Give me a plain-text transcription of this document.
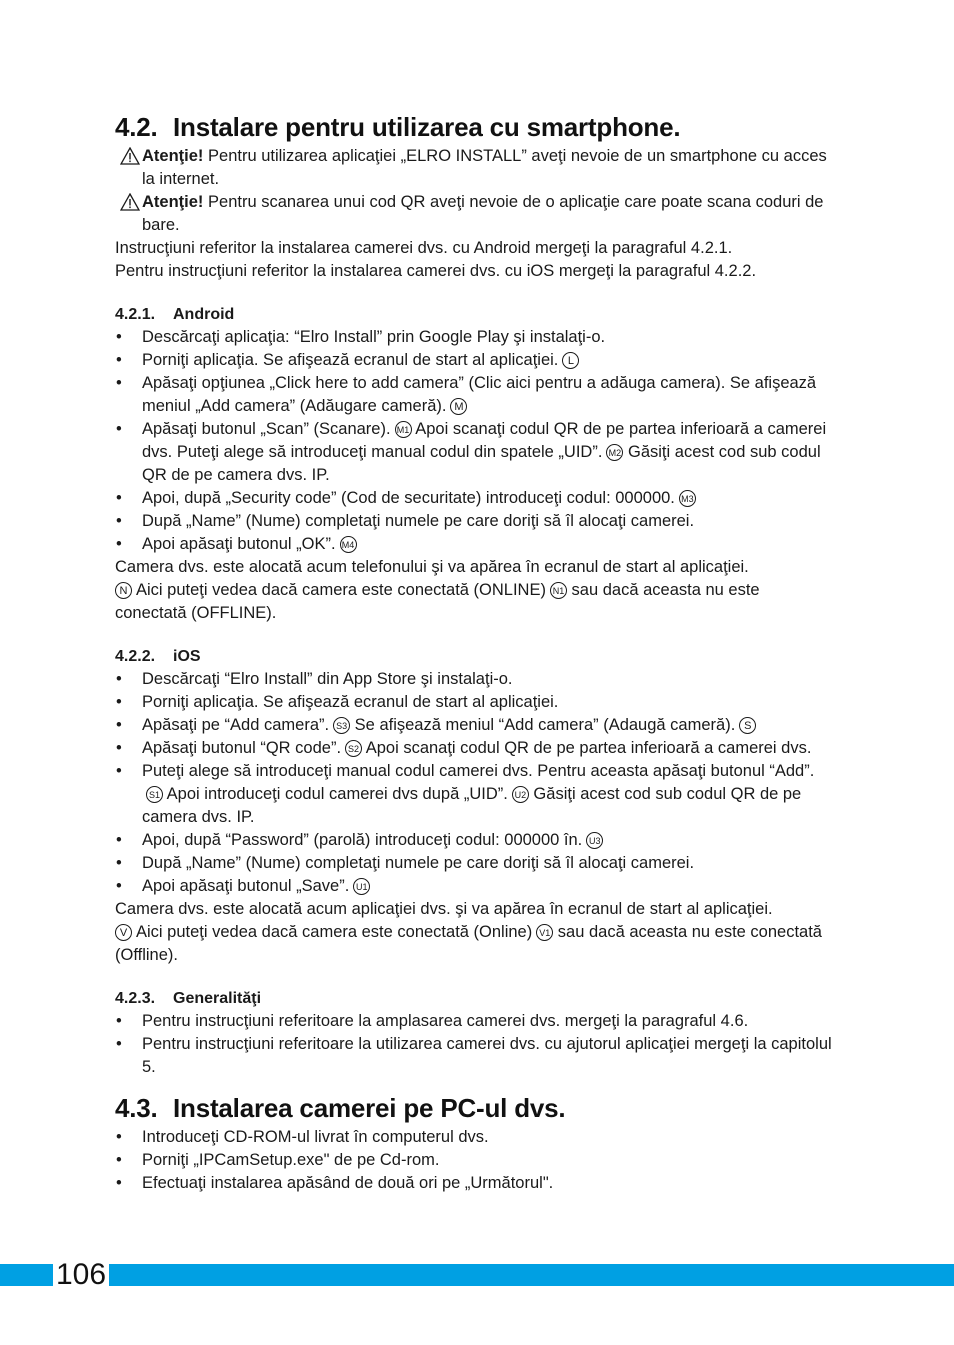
4.2. Instalare pentru utilizarea cu smartphone.

Atenţie! Pentru utilizarea aplicaţiei „ELRO INSTALL” aveţi nevoie de un smartphone cu acces la internet.

Atenţie! Pentru scanarea unui cod QR aveţi nevoie de o aplicaţie care poate scana coduri de bare.

Instrucţiuni referitor la instalarea camerei dvs. cu Android mergeţi la paragraful 4.2.1.

Pentru instrucţiuni referitor la instalarea camerei dvs. cu iOS mergeţi la paragraful 4.2.2.

4.2.1. Android
• Descărcaţi aplicaţia: “Elro Install” prin Google Play şi instalaţi-o.
• Porniţi aplicaţia. Se afişează ecranul de start al aplicaţiei. L
• Apăsaţi opţiunea „Click here to add camera” (Clic aici pentru a adăuga camera). Se afişează meniul „Add camera” (Adăugare cameră). M
• Apăsaţi butonul „Scan” (Scanare). M1 Apoi scanaţi codul QR de pe partea inferioară a camerei dvs. Puteţi alege să introduceţi manual codul din spatele „UID”. M2 Găsiţi acest cod sub codul QR de pe camera dvs. IP.
• Apoi, după „Security code” (Cod de securitate) introduceţi codul: 000000. M3
• După „Name” (Nume) completaţi numele pe care doriţi să îl alocaţi camerei.
• Apoi apăsaţi butonul „OK”. M4

Camera dvs. este alocată acum telefonului şi va apărea în ecranul de start al aplicaţiei.

N Aici puteţi vedea dacă camera este conectată (ONLINE) N1 sau dacă aceasta nu este conectată (OFFLINE).

4.2.2. iOS
• Descărcaţi “Elro Install” din App Store şi instalaţi-o.
• Porniţi aplicaţia. Se afişează ecranul de start al aplicaţiei.
• Apăsaţi pe “Add camera”. S3 Se afişează meniul “Add camera” (Adaugă cameră). S
• Apăsaţi butonul “QR code”. S2 Apoi scanaţi codul QR de pe partea inferioară a camerei dvs.
• Puteţi alege să introduceţi manual codul camerei dvs. Pentru aceasta apăsaţi butonul “Add”.S1 Apoi introduceţi codul camerei dvs după „UID”. U2 Găsiţi acest cod sub codul QR de pe camera dvs. IP.
• Apoi, după “Password” (parolă) introduceţi codul: 000000 în. U3
• După „Name” (Nume) completaţi numele pe care doriţi să îl alocaţi camerei.
• Apoi apăsaţi butonul „Save”. U1

Camera dvs. este alocată acum aplicaţiei dvs. şi va apărea în ecranul de start al aplicaţiei.

V Aici puteţi vedea dacă camera este conectată (Online) V1 sau dacă aceasta nu este conectată (Offline).

4.2.3. Generalităţi
• Pentru instrucţiuni referitoare la amplasarea camerei dvs. mergeţi la paragraful 4.6.
• Pentru instrucţiuni referitoare la utilizarea camerei dvs. cu ajutorul aplicaţiei mergeţi la capitolul 5.
4.3. Instalarea camerei pe PC-ul dvs.
• Introduceţi CD-ROM-ul livrat în computerul dvs.
• Porniţi „IPCamSetup.exe" de pe Cd-rom.
• Efectuaţi instalarea apăsând de două ori pe „Următorul".
106
